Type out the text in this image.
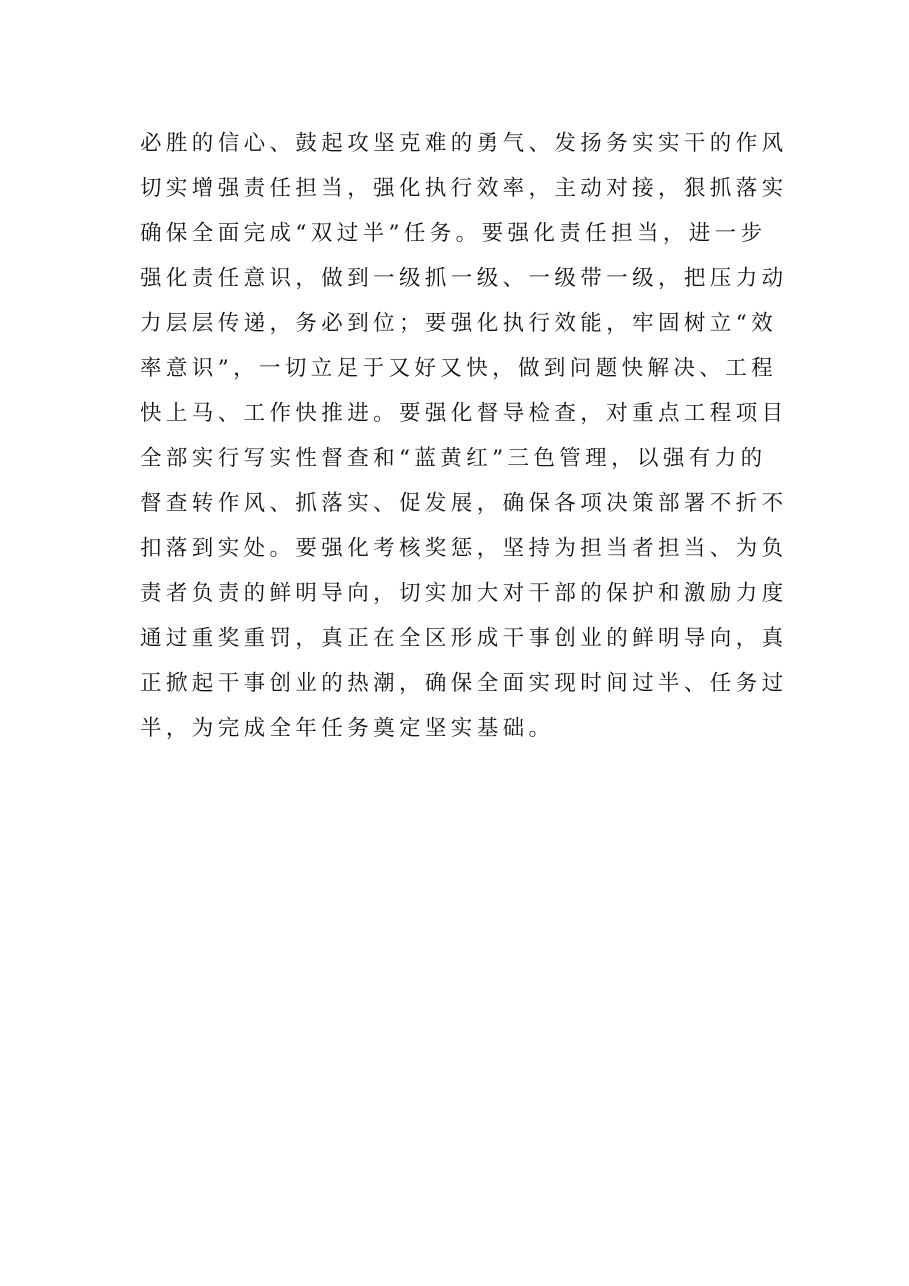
必胜的信心、鼓起攻坚克难的勇气、发扬务实实干的作风
切实增强责任担当，强化执行效率，主动对接，狠抓落实
确保全面完成“双过半”任务。要强化责任担当，进一步
强化责任意识，做到一级抓一级、一级带一级，把压力动
力层层传递，务必到位；要强化执行效能，牢固树立“效
率意识”，一切立足于又好又快，做到问题快解决、工程
快上马、工作快推进。要强化督导检查，对重点工程项目
全部实行写实性督查和“蓝黄红”三色管理，以强有力的
督查转作风、抓落实、促发展，确保各项决策部署不折不
扣落到实处。要强化考核奖惩，坚持为担当者担当、为负
责者负责的鲜明导向，切实加大对干部的保护和激励力度
通过重奖重罚，真正在全区形成干事创业的鲜明导向，真
正掀起干事创业的热潮，确保全面实现时间过半、任务过
半，为完成全年任务奠定坚实基础。
